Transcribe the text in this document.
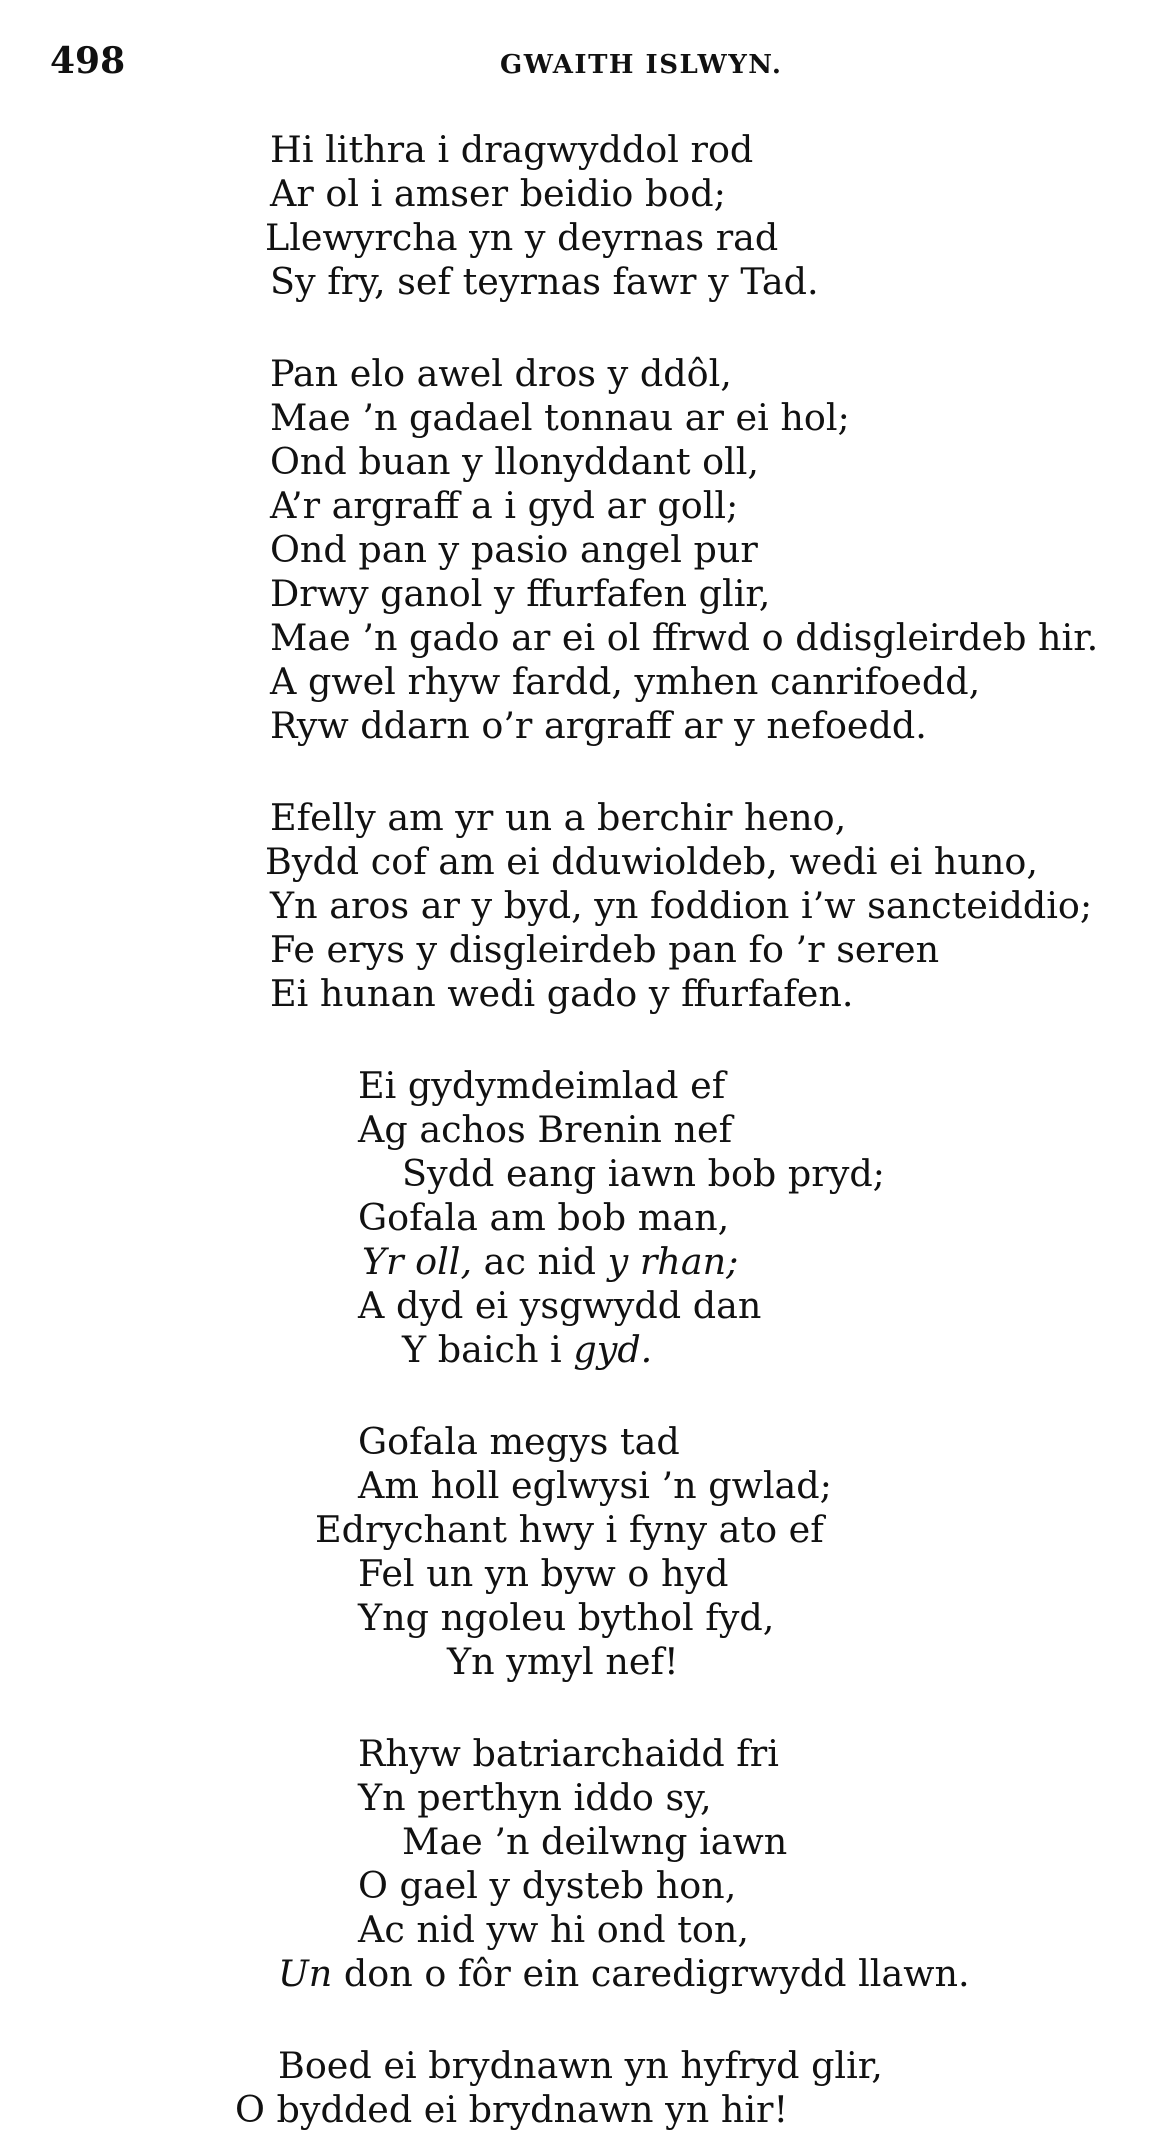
498	GWAITH ISLWYN.
Hi lithra i dragwyddol rod
Ar ol i amser beidio bod;
Llewyrcha yn y deyrnas rad
Sy fry, sef teyrnas fawr y Tad.
Pan elo awel dros y ddôl,
Mae ’n gadael tonnau ar ei hol;
Ond buan y llonyddant oll,
A’r argraff a i gyd ar goll;
Ond pan y pasio angel pur
Drwy ganol y ffurfafen glir,
Mae ’n gado ar ei ol ffrwd o ddisgleirdeb hir.
A gwel rhyw fardd, ymhen canrifoedd,
Ryw ddarn o’r argraff ar y nefoedd.
Efelly am yr un a berchir heno,
Bydd cof am ei dduwioldeb, wedi ei huno,
Yn aros ar y byd, yn foddion i’w sancteiddio;
Fe erys y disgleirdeb pan fo ’r seren
Ei hunan wedi gado y ffurfafen.
Ei gydymdeimlad ef
Ag achos Brenin nef
Sydd eang iawn bob pryd;
Gofala am bob man,
Yr oll, ac nid y rhan;
A dyd ei ysgwydd dan
Y baich i gyd.
Gofala megys tad
Am holl eglwysi ’n gwlad;
Edrychant hwy i fyny ato ef
Fel un yn byw o hyd
Yng ngoleu bythol fyd,
Yn ymyl nef!
Rhyw batriarchaidd fri
Yn perthyn iddo sy,
Mae ’n deilwng iawn
O gael y dysteb hon,
Ac nid yw hi ond ton,
Un don o fôr ein caredigrwydd llawn.
Boed ei brydnawn yn hyfryd glir,
O bydded ei brydnawn yn hir!
